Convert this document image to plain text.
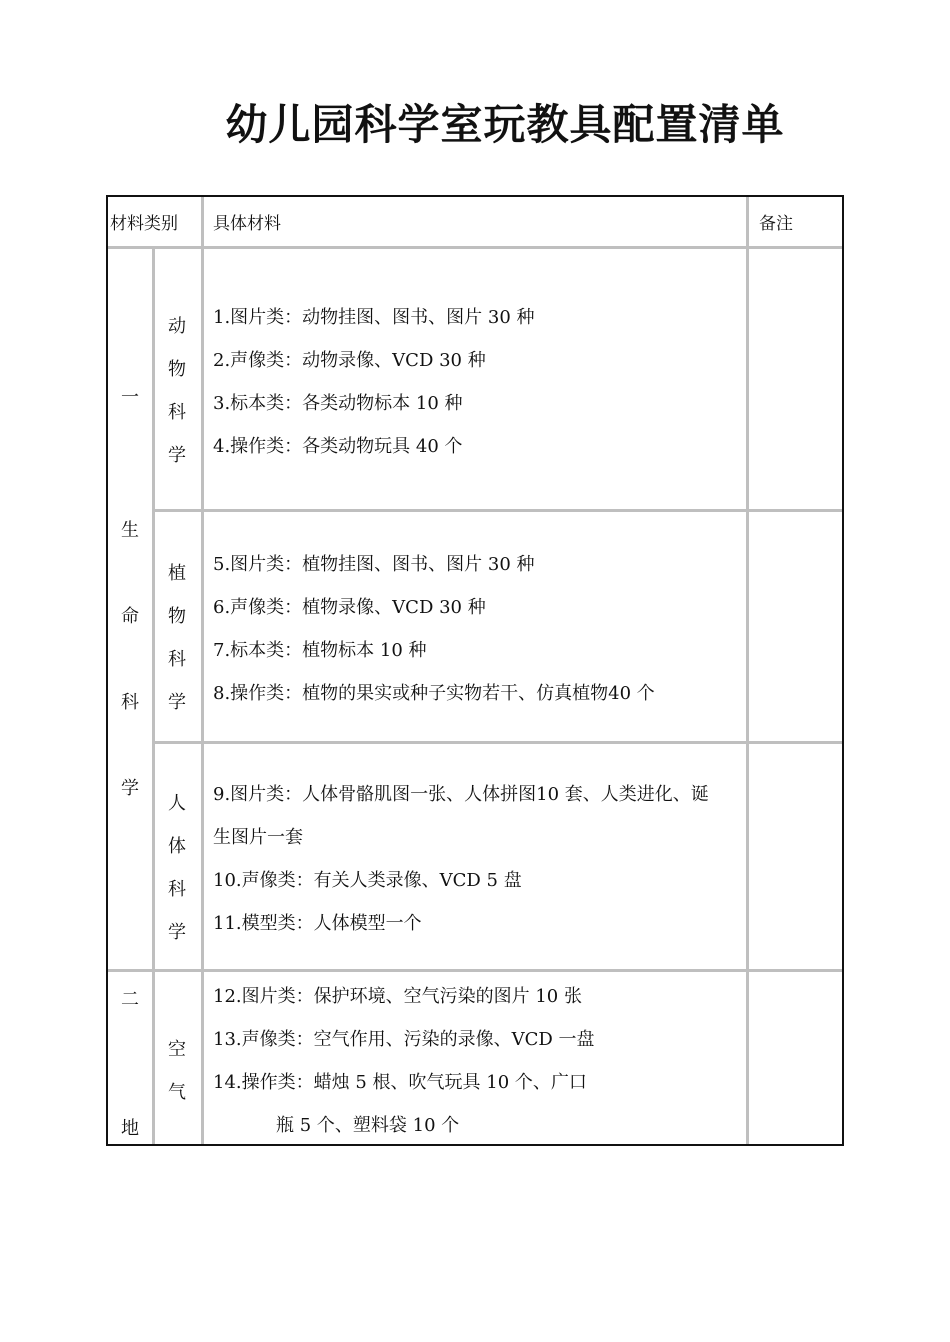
幼儿园科学室玩教具配置清单
材料类别 具体材料	备注
一
生
命
科
学
二
地
动
物
科
学
1.图片类：动物挂图、图书、图片 30 种
2.声像类：动物录像、VCD 30 种
3.标本类：各类动物标本 10 种
4.操作类：各类动物玩具 40 个
植
物
科
学
5.图片类：植物挂图、图书、图片 30 种
6.声像类：植物录像、VCD 30 种
7.标本类：植物标本 10 种
8.操作类：植物的果实或种子实物若干、仿真植物40 个
人
体
科
学
9.图片类：人体骨骼肌图一张、人体拼图10 套、人类进化、诞
生图片一套
10.声像类：有关人类录像、VCD 5 盘
11.模型类：人体模型一个
空
气
12.图片类：保护环境、空气污染的图片 10 张
13.声像类：空气作用、污染的录像、VCD 一盘
14.操作类：蜡烛 5 根、吹气玩具 10 个、广口
瓶 5 个、塑料袋 10 个
